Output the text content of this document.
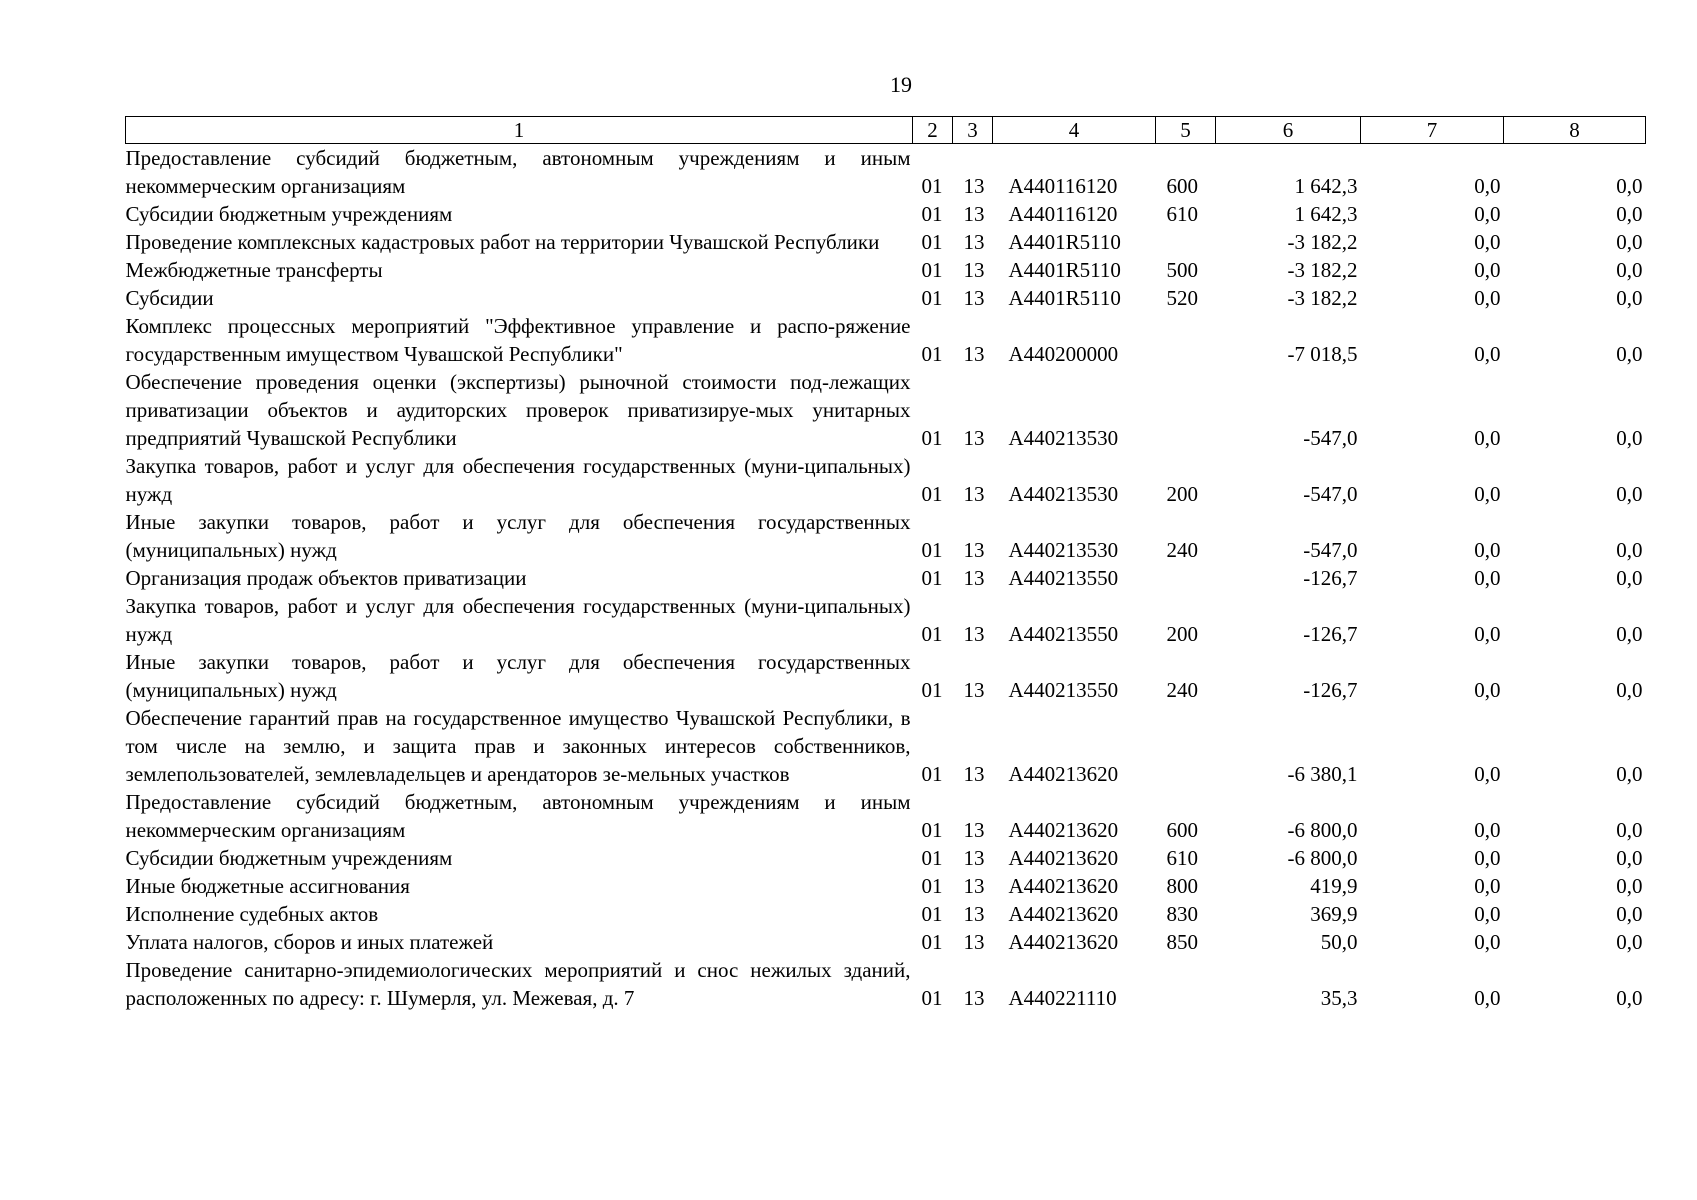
19
1	2	3	4	5	6	7	8
Предоставление субсидий бюджетным, автономным учреждениям и иным некоммерческим организациям	01	13	A440116120	600	1 642,3	0,0	0,0
Субсидии бюджетным учреждениям	01	13	A440116120	610	1 642,3	0,0	0,0
Проведение комплексных кадастровых работ на территории Чувашской Республики	01	13	A4401R5110		-3 182,2	0,0	0,0
Межбюджетные трансферты	01	13	A4401R5110	500	-3 182,2	0,0	0,0
Субсидии	01	13	A4401R5110	520	-3 182,2	0,0	0,0
Комплекс процессных мероприятий "Эффективное управление и распо-ряжение государственным имуществом Чувашской Республики"	01	13	A440200000		-7 018,5	0,0	0,0
Обеспечение проведения оценки (экспертизы) рыночной стоимости под-лежащих приватизации объектов и аудиторских проверок приватизируе-мых унитарных предприятий Чувашской Республики	01	13	A440213530		-547,0	0,0	0,0
Закупка товаров, работ и услуг для обеспечения государственных (муни-ципальных) нужд	01	13	A440213530	200	-547,0	0,0	0,0
Иные закупки товаров, работ и услуг для обеспечения государственных (муниципальных) нужд	01	13	A440213530	240	-547,0	0,0	0,0
Организация продаж объектов приватизации	01	13	A440213550		-126,7	0,0	0,0
Закупка товаров, работ и услуг для обеспечения государственных (муни-ципальных) нужд	01	13	A440213550	200	-126,7	0,0	0,0
Иные закупки товаров, работ и услуг для обеспечения государственных (муниципальных) нужд	01	13	A440213550	240	-126,7	0,0	0,0
Обеспечение гарантий прав на государственное имущество Чувашской Республики, в том числе на землю, и защита прав и законных интересов собственников, землепользователей, землевладельцев и арендаторов зе-мельных участков	01	13	A440213620		-6 380,1	0,0	0,0
Предоставление субсидий бюджетным, автономным учреждениям и иным некоммерческим организациям	01	13	A440213620	600	-6 800,0	0,0	0,0
Субсидии бюджетным учреждениям	01	13	A440213620	610	-6 800,0	0,0	0,0
Иные бюджетные ассигнования	01	13	A440213620	800	419,9	0,0	0,0
Исполнение судебных актов	01	13	A440213620	830	369,9	0,0	0,0
Уплата налогов, сборов и иных платежей	01	13	A440213620	850	50,0	0,0	0,0
Проведение санитарно-эпидемиологических мероприятий и снос нежилых зданий, расположенных по адресу: г. Шумерля, ул. Межевая, д. 7	01	13	A440221110		35,3	0,0	0,0
